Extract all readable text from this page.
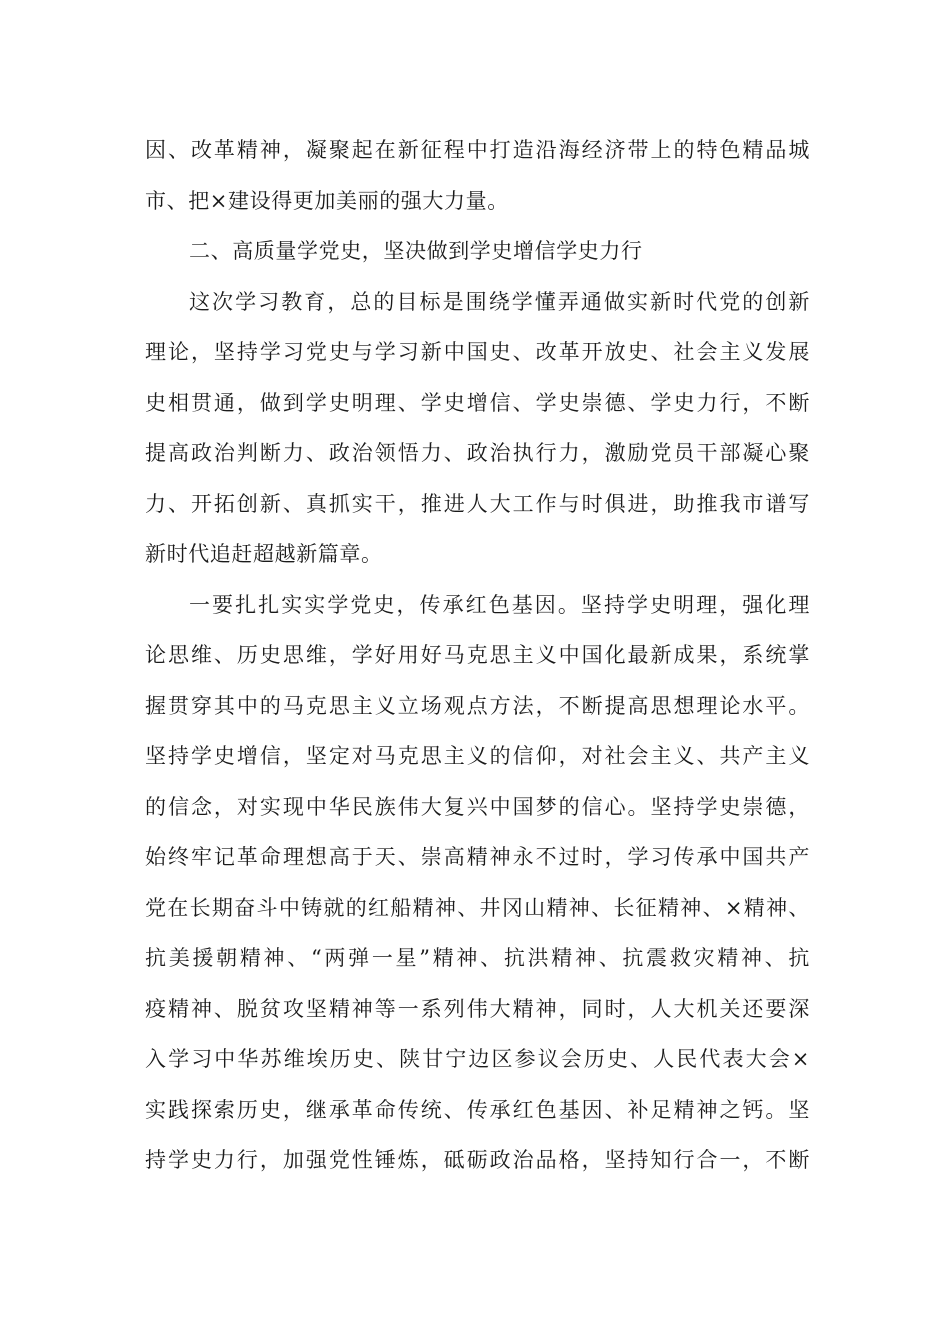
因、改革精神，凝聚起在新征程中打造沿海经济带上的特色精品城
市、把×建设得更加美丽的强大力量。
二、高质量学党史，坚决做到学史增信学史力行
这次学习教育，总的目标是围绕学懂弄通做实新时代党的创新
理论，坚持学习党史与学习新中国史、改革开放史、社会主义发展
史相贯通，做到学史明理、学史增信、学史崇德、学史力行，不断
提高政治判断力、政治领悟力、政治执行力，激励党员干部凝心聚
力、开拓创新、真抓实干，推进人大工作与时俱进，助推我市谱写
新时代追赶超越新篇章。
一要扎扎实实学党史，传承红色基因。坚持学史明理，强化理
论思维、历史思维，学好用好马克思主义中国化最新成果，系统掌
握贯穿其中的马克思主义立场观点方法，不断提高思想理论水平。
坚持学史增信，坚定对马克思主义的信仰，对社会主义、共产主义
的信念，对实现中华民族伟大复兴中国梦的信心。坚持学史崇德，
始终牢记革命理想高于天、崇高精神永不过时，学习传承中国共产
党在长期奋斗中铸就的红船精神、井冈山精神、长征精神、×精神、
抗美援朝精神、“两弹一星”精神、抗洪精神、抗震救灾精神、抗
疫精神、脱贫攻坚精神等一系列伟大精神，同时，人大机关还要深
入学习中华苏维埃历史、陕甘宁边区参议会历史、人民代表大会×
实践探索历史，继承革命传统、传承红色基因、补足精神之钙。坚
持学史力行，加强党性锤炼，砥砺政治品格，坚持知行合一，不断
